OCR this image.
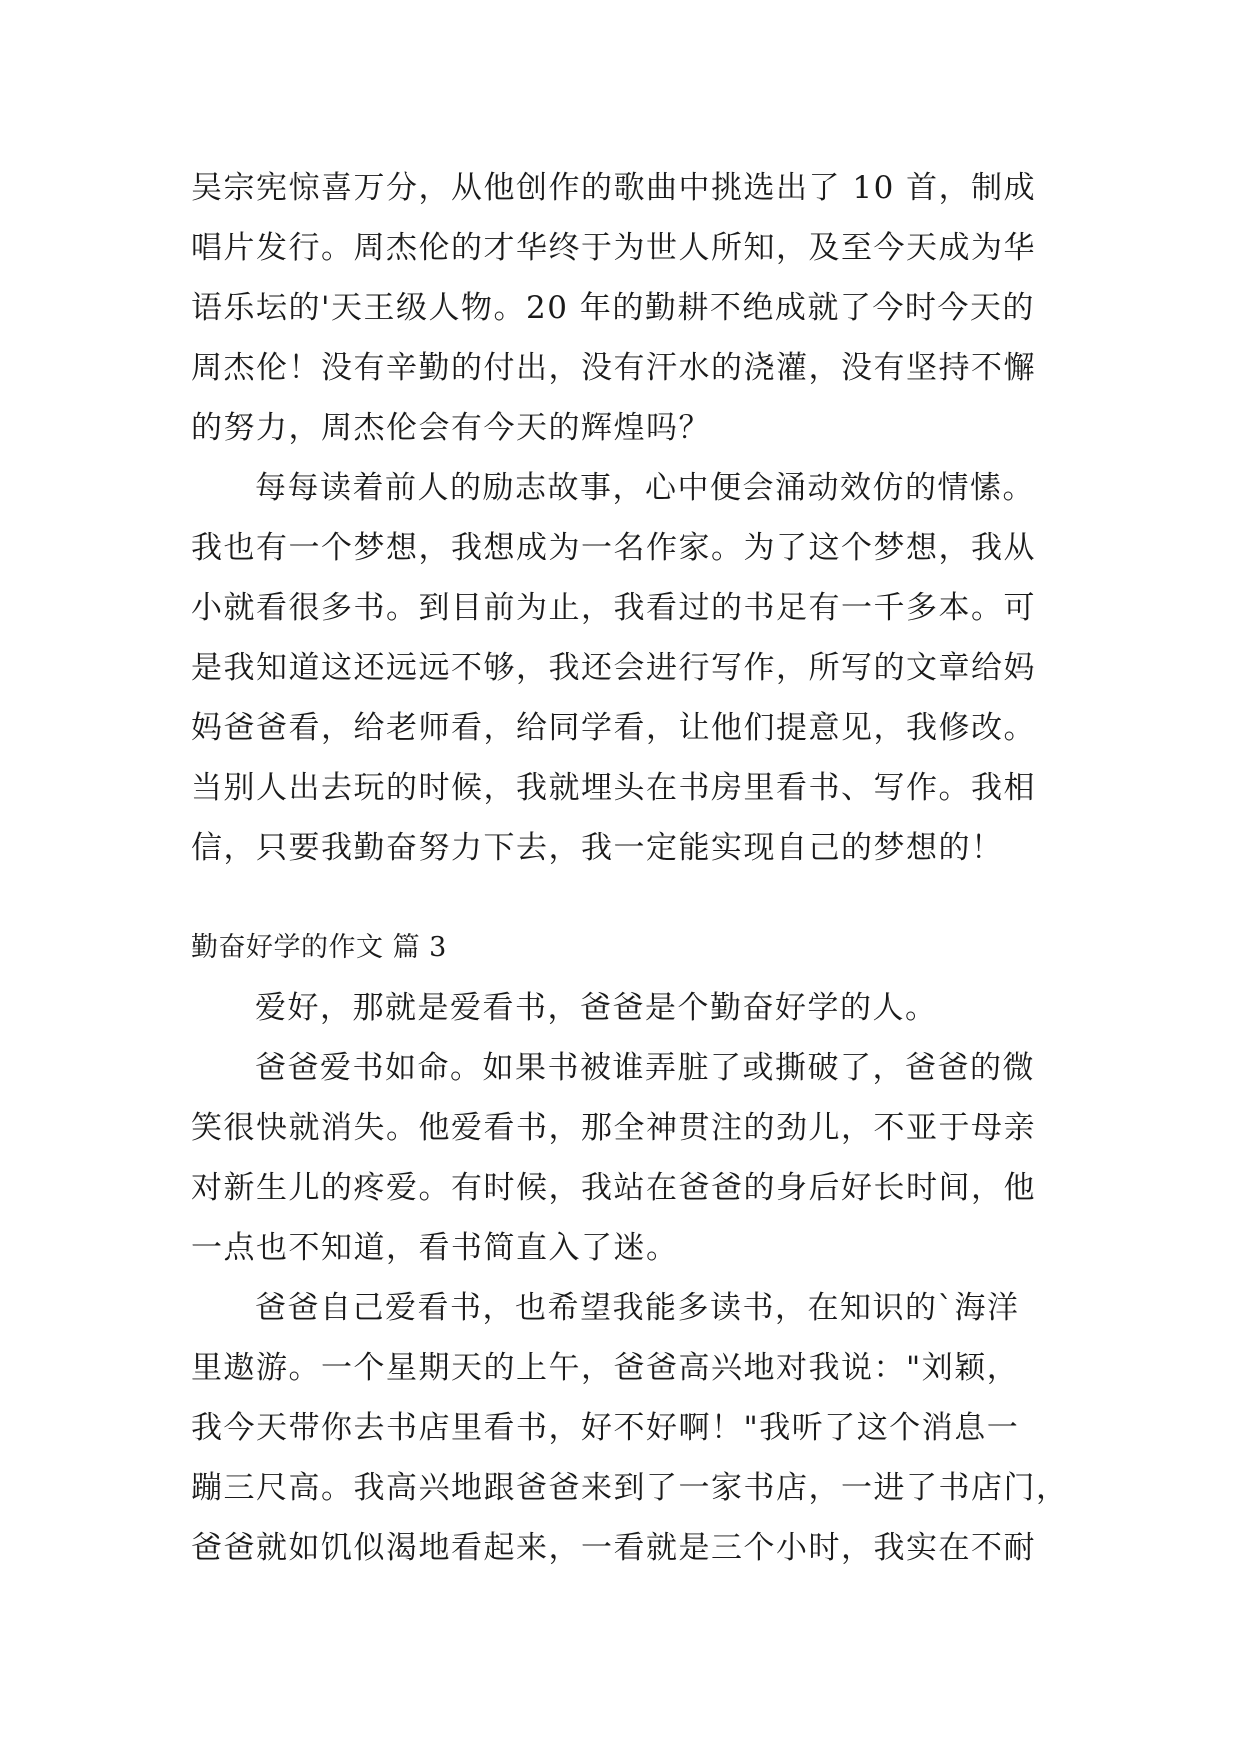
吴宗宪惊喜万分，从他创作的歌曲中挑选出了 10 首，制成
唱片发行。周杰伦的才华终于为世人所知，及至今天成为华
语乐坛的'天王级人物。20 年的勤耕不绝成就了今时今天的
周杰伦！没有辛勤的付出，没有汗水的浇灌，没有坚持不懈
的努力，周杰伦会有今天的辉煌吗？
每每读着前人的励志故事，心中便会涌动效仿的情愫。
我也有一个梦想，我想成为一名作家。为了这个梦想，我从
小就看很多书。到目前为止，我看过的书足有一千多本。可
是我知道这还远远不够，我还会进行写作，所写的文章给妈
妈爸爸看，给老师看，给同学看，让他们提意见，我修改。
当别人出去玩的时候，我就埋头在书房里看书、写作。我相
信，只要我勤奋努力下去，我一定能实现自己的梦想的！
勤奋好学的作文 篇 3
爱好，那就是爱看书，爸爸是个勤奋好学的人。
爸爸爱书如命。如果书被谁弄脏了或撕破了，爸爸的微
笑很快就消失。他爱看书，那全神贯注的劲儿，不亚于母亲
对新生儿的疼爱。有时候，我站在爸爸的身后好长时间，他
一点也不知道，看书简直入了迷。
爸爸自己爱看书，也希望我能多读书，在知识的`海洋
里遨游。一个星期天的上午，爸爸高兴地对我说："刘颖，
我今天带你去书店里看书，好不好啊！"我听了这个消息一
蹦三尺高。我高兴地跟爸爸来到了一家书店，一进了书店门，
爸爸就如饥似渴地看起来，一看就是三个小时，我实在不耐
